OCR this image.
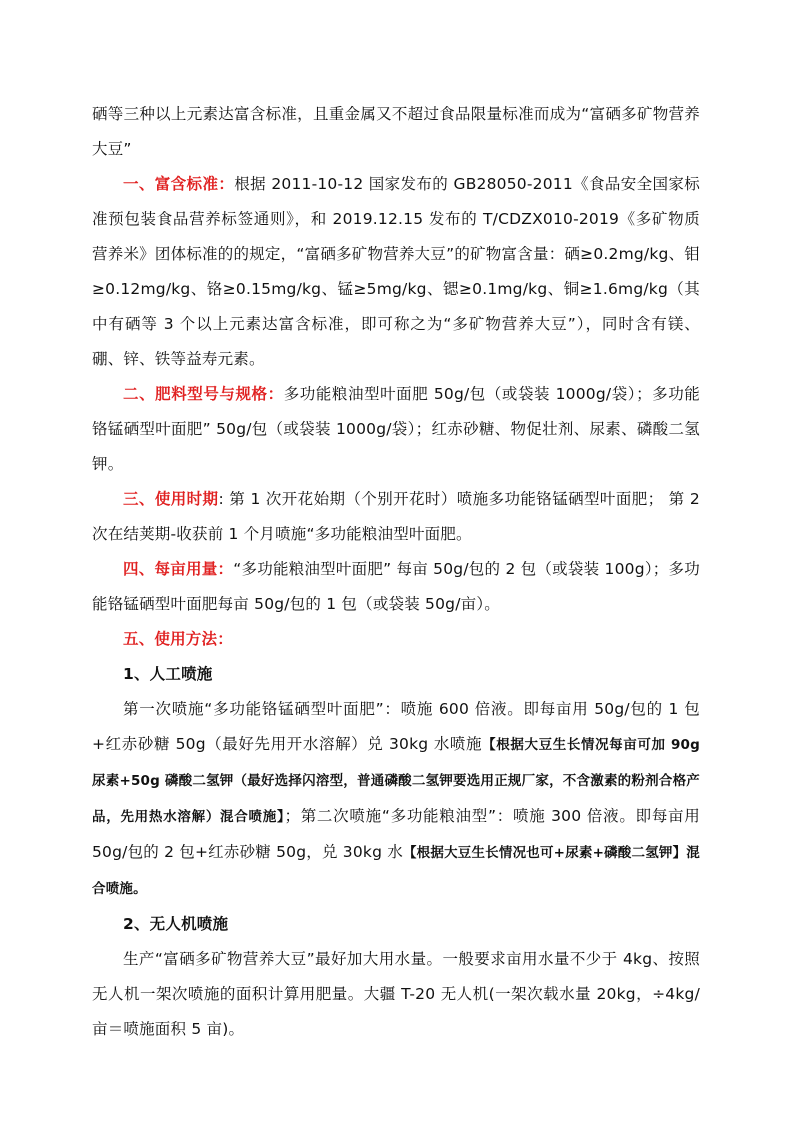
硒等三种以上元素达富含标准，且重金属又不超过食品限量标准而成为“富硒多矿物营养大豆”

一、富含标准：根据 2011-10-12 国家发布的 GB28050-2011《食品安全国家标准预包装食品营养标签通则》，和 2019.12.15 发布的 T/CDZX010-2019《多矿物质营养米》团体标准的的规定，“富硒多矿物营养大豆”的矿物富含量：硒≥0.2mg/kg、钼≥0.12mg/kg、铬≥0.15mg/kg、锰≥5mg/kg、锶≥0.1mg/kg、铜≥1.6mg/kg（其中有硒等 3 个以上元素达富含标准，即可称之为“多矿物营养大豆”），同时含有镁、硼、锌、铁等益寿元素。

二、肥料型号与规格：多功能粮油型叶面肥 50g/包（或袋装 1000g/袋）；多功能铬锰硒型叶面肥” 50g/包（或袋装 1000g/袋）；红赤砂糖、物促壮剂、尿素、磷酸二氢钾。

三、使用时期: 第 1 次开花始期（个别开花时）喷施多功能铬锰硒型叶面肥； 第 2 次在结荚期-收获前 1 个月喷施“多功能粮油型叶面肥。

四、每亩用量：“多功能粮油型叶面肥” 每亩 50g/包的 2 包（或袋装 100g）；多功能铬锰硒型叶面肥每亩 50g/包的 1 包（或袋装 50g/亩）。

五、使用方法：

1、人工喷施

第一次喷施“多功能铬锰硒型叶面肥”：喷施 600 倍液。即每亩用 50g/包的 1 包+红赤砂糖 50g（最好先用开水溶解）兑 30kg 水喷施【根据大豆生长情况每亩可加 90g 尿素+50g 磷酸二氢钾（最好选择闪溶型，普通磷酸二氢钾要选用正规厂家，不含激素的粉剂合格产品，先用热水溶解）混合喷施】；第二次喷施“多功能粮油型”：喷施 300 倍液。即每亩用 50g/包的 2 包+红赤砂糖 50g，兑 30kg 水【根据大豆生长情况也可+尿素+磷酸二氢钾】混合喷施。

2、无人机喷施

生产“富硒多矿物营养大豆”最好加大用水量。一般要求亩用水量不少于 4kg、按照无人机一架次喷施的面积计算用肥量。大疆 T-20 无人机(一架次载水量 20kg，÷4kg/亩＝喷施面积 5 亩)。
